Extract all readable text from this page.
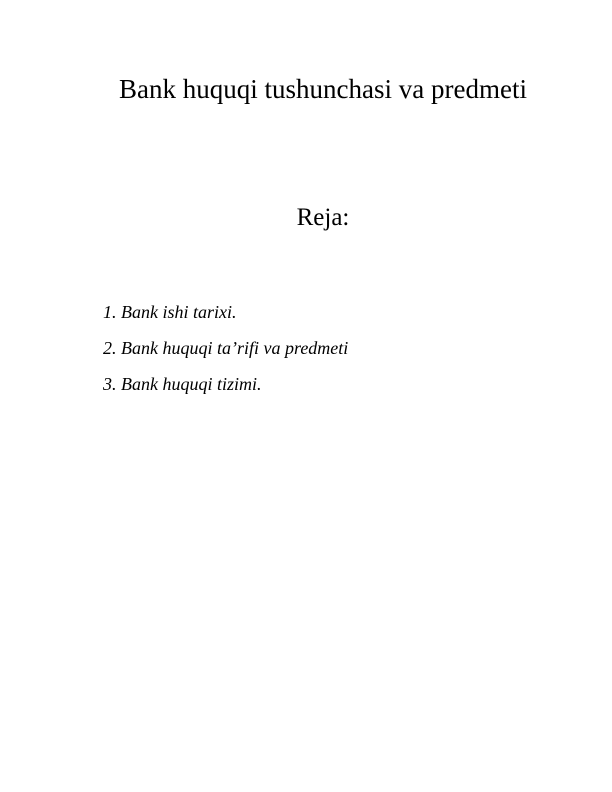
Bank huquqi tushunchasi va predmeti
Reja:
1. Bank ishi tarixi.
2. Bank huquqi ta’rifi va predmeti
3. Bank huquqi tizimi.
